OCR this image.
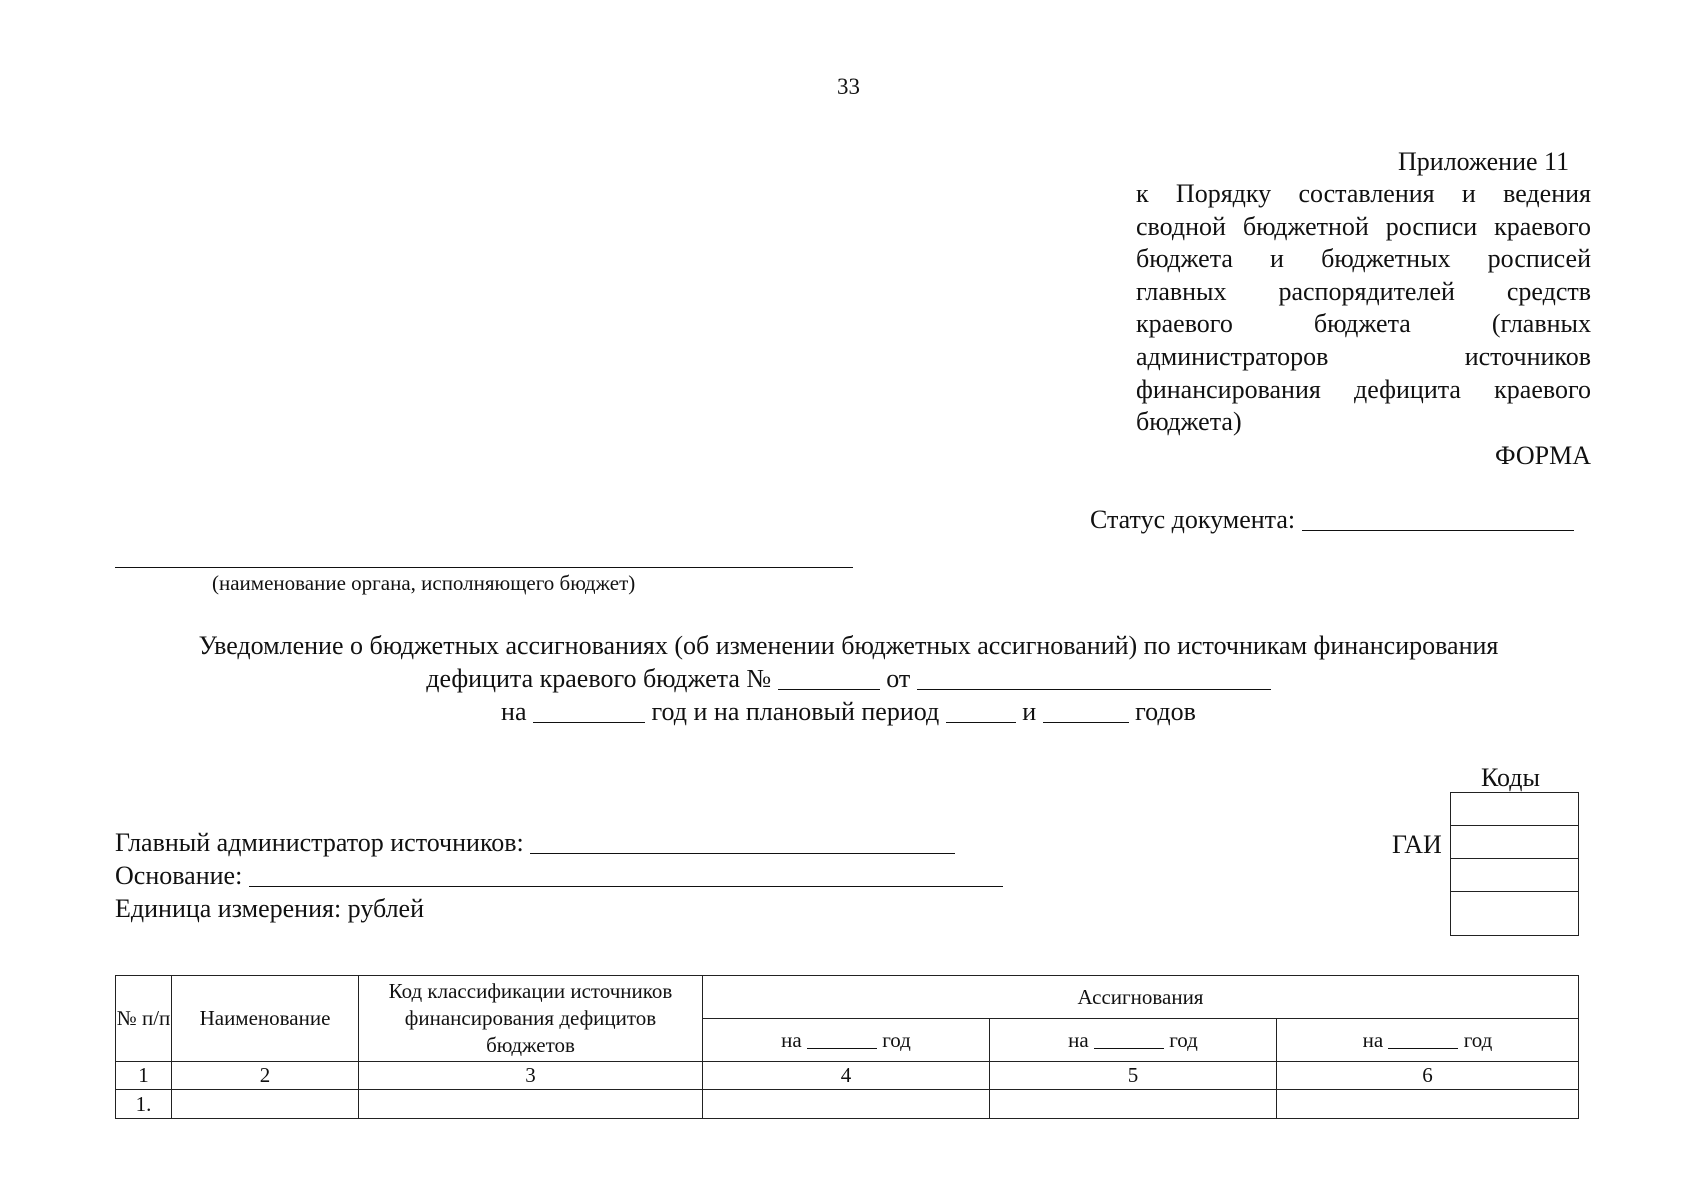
33
Приложение 11
к Порядку составления и ведения сводной бюджетной росписи краевого бюджета и бюджетных росписей главных распорядителей средств краевого бюджета (главных администраторов источников финансирования дефицита краевого бюджета)
ФОРМА
Статус документа:
(наименование органа, исполняющего бюджет)
Уведомление о бюджетных ассигнованиях (об изменении бюджетных ассигнований) по источникам финансирования
дефицита краевого бюджета №	от
на	год и на плановый период	и	годов
Коды
ГАИ
Главный администратор источников:
Основание:
Единица измерения: рублей
№ п/п	Наименование	Код классификации источников финансирования дефицитов бюджетов	Ассигнования		
			на год	на год	на год
1	2	3	4	5	6
1.					
